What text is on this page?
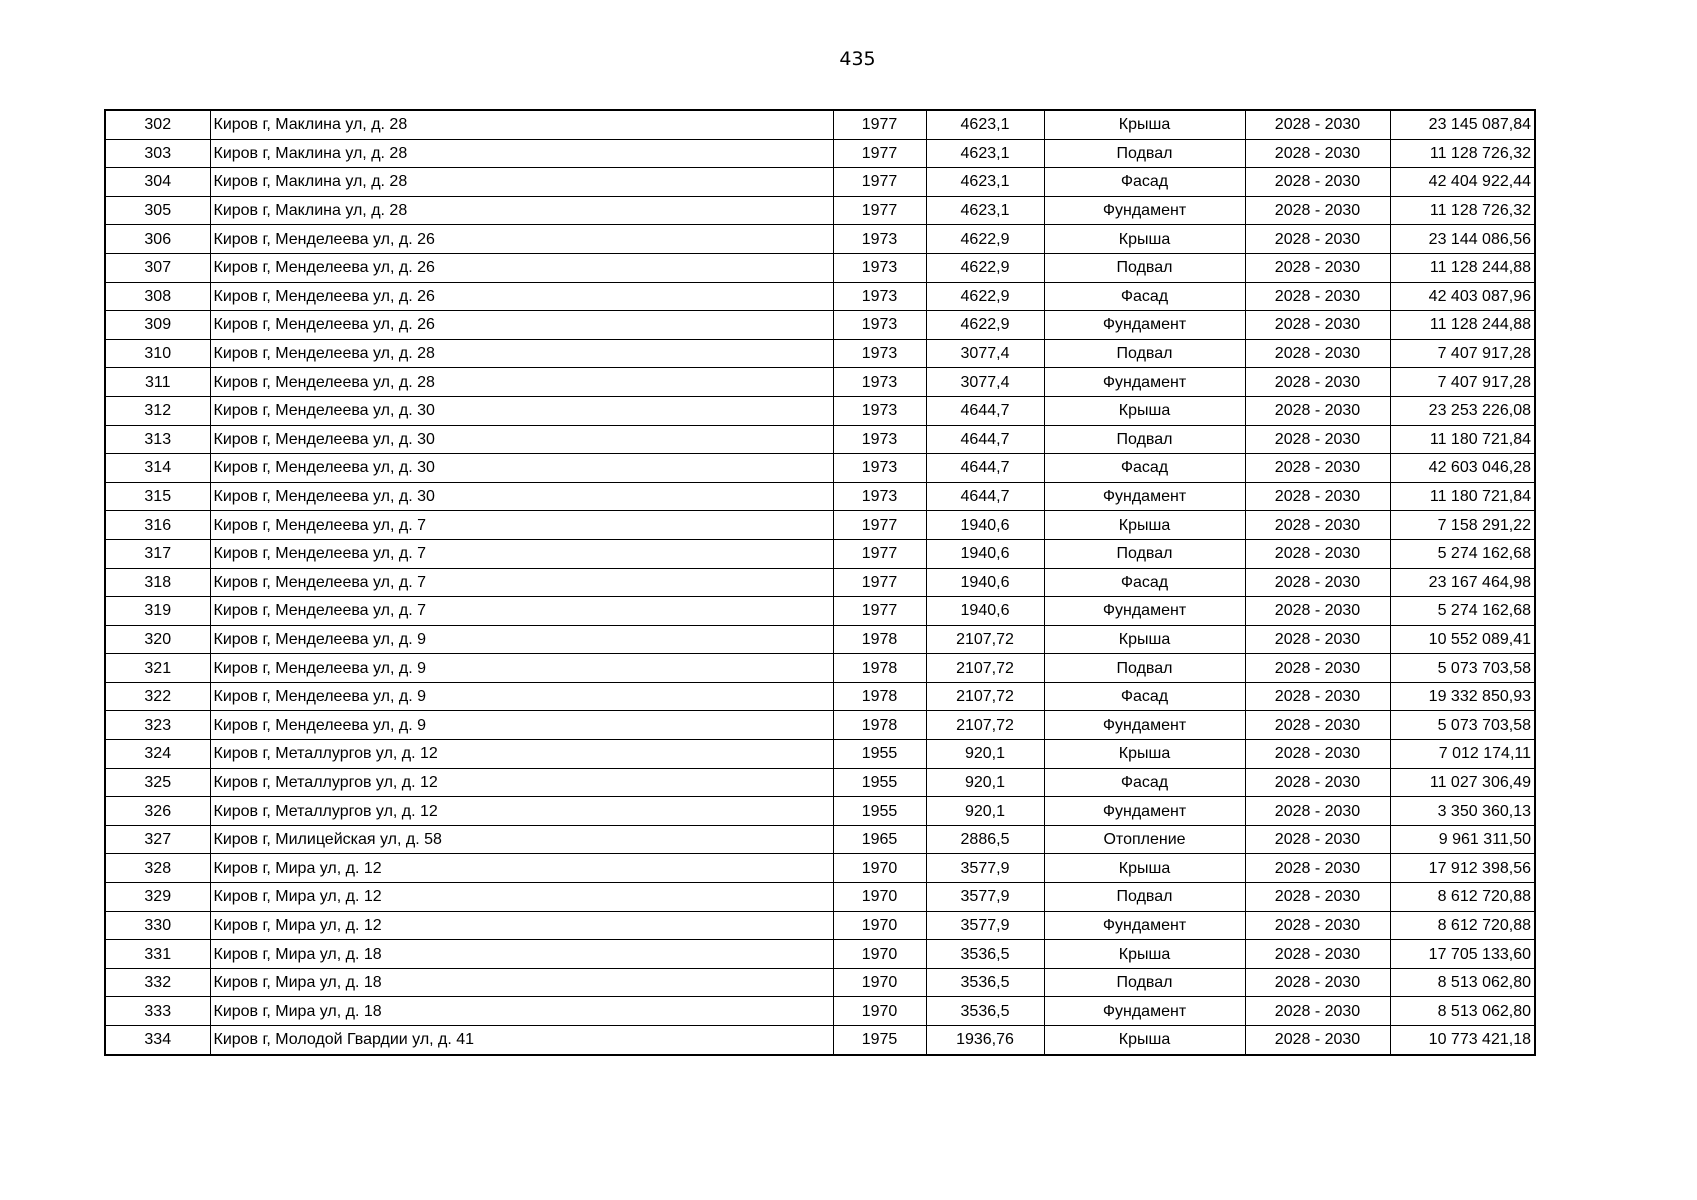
435
302	Киров г, Маклина ул, д. 28	1977	4623,1	Крыша	2028 - 2030	23 145 087,84
303	Киров г, Маклина ул, д. 28	1977	4623,1	Подвал	2028 - 2030	11 128 726,32
304	Киров г, Маклина ул, д. 28	1977	4623,1	Фасад	2028 - 2030	42 404 922,44
305	Киров г, Маклина ул, д. 28	1977	4623,1	Фундамент	2028 - 2030	11 128 726,32
306	Киров г, Менделеева ул, д. 26	1973	4622,9	Крыша	2028 - 2030	23 144 086,56
307	Киров г, Менделеева ул, д. 26	1973	4622,9	Подвал	2028 - 2030	11 128 244,88
308	Киров г, Менделеева ул, д. 26	1973	4622,9	Фасад	2028 - 2030	42 403 087,96
309	Киров г, Менделеева ул, д. 26	1973	4622,9	Фундамент	2028 - 2030	11 128 244,88
310	Киров г, Менделеева ул, д. 28	1973	3077,4	Подвал	2028 - 2030	7 407 917,28
311	Киров г, Менделеева ул, д. 28	1973	3077,4	Фундамент	2028 - 2030	7 407 917,28
312	Киров г, Менделеева ул, д. 30	1973	4644,7	Крыша	2028 - 2030	23 253 226,08
313	Киров г, Менделеева ул, д. 30	1973	4644,7	Подвал	2028 - 2030	11 180 721,84
314	Киров г, Менделеева ул, д. 30	1973	4644,7	Фасад	2028 - 2030	42 603 046,28
315	Киров г, Менделеева ул, д. 30	1973	4644,7	Фундамент	2028 - 2030	11 180 721,84
316	Киров г, Менделеева ул, д. 7	1977	1940,6	Крыша	2028 - 2030	7 158 291,22
317	Киров г, Менделеева ул, д. 7	1977	1940,6	Подвал	2028 - 2030	5 274 162,68
318	Киров г, Менделеева ул, д. 7	1977	1940,6	Фасад	2028 - 2030	23 167 464,98
319	Киров г, Менделеева ул, д. 7	1977	1940,6	Фундамент	2028 - 2030	5 274 162,68
320	Киров г, Менделеева ул, д. 9	1978	2107,72	Крыша	2028 - 2030	10 552 089,41
321	Киров г, Менделеева ул, д. 9	1978	2107,72	Подвал	2028 - 2030	5 073 703,58
322	Киров г, Менделеева ул, д. 9	1978	2107,72	Фасад	2028 - 2030	19 332 850,93
323	Киров г, Менделеева ул, д. 9	1978	2107,72	Фундамент	2028 - 2030	5 073 703,58
324	Киров г, Металлургов ул, д. 12	1955	920,1	Крыша	2028 - 2030	7 012 174,11
325	Киров г, Металлургов ул, д. 12	1955	920,1	Фасад	2028 - 2030	11 027 306,49
326	Киров г, Металлургов ул, д. 12	1955	920,1	Фундамент	2028 - 2030	3 350 360,13
327	Киров г, Милицейская ул, д. 58	1965	2886,5	Отопление	2028 - 2030	9 961 311,50
328	Киров г, Мира ул, д. 12	1970	3577,9	Крыша	2028 - 2030	17 912 398,56
329	Киров г, Мира ул, д. 12	1970	3577,9	Подвал	2028 - 2030	8 612 720,88
330	Киров г, Мира ул, д. 12	1970	3577,9	Фундамент	2028 - 2030	8 612 720,88
331	Киров г, Мира ул, д. 18	1970	3536,5	Крыша	2028 - 2030	17 705 133,60
332	Киров г, Мира ул, д. 18	1970	3536,5	Подвал	2028 - 2030	8 513 062,80
333	Киров г, Мира ул, д. 18	1970	3536,5	Фундамент	2028 - 2030	8 513 062,80
334	Киров г, Молодой Гвардии ул, д. 41	1975	1936,76	Крыша	2028 - 2030	10 773 421,18
